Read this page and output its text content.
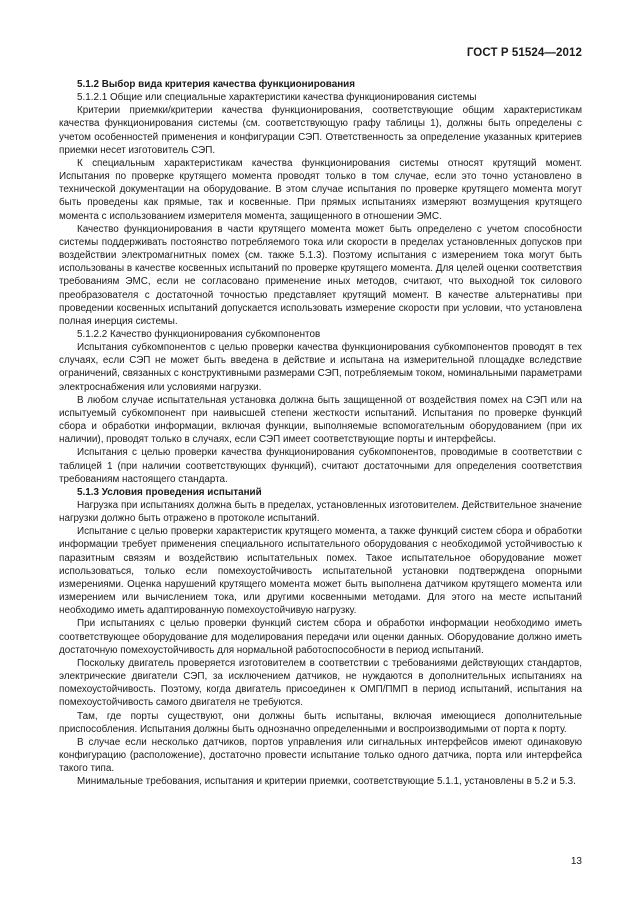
ГОСТ Р 51524—2012

5.1.2 Выбор вида критерия качества функционирования

5.1.2.1 Общие или специальные характеристики качества функционирования системы

Критерии приемки/критерии качества функционирования, соответствующие общим характеристикам качества функционирования системы (см. соответствующую графу таблицы 1), должны быть определены с учетом особенностей применения и конфигурации СЭП. Ответственность за определение указанных критериев приемки несет изготовитель СЭП.

К специальным характеристикам качества функционирования системы относят крутящий момент. Испытания по проверке крутящего момента проводят только в том случае, если это точно установлено в технической документации на оборудование. В этом случае испытания по проверке крутящего момента могут быть проведены как прямые, так и косвенные. При прямых испытаниях измеряют возмущения крутящего момента с использованием измерителя момента, защищенного в отношении ЭМС.

Качество функционирования в части крутящего момента может быть определено с учетом способности системы поддерживать постоянство потребляемого тока или скорости в пределах установленных допусков при воздействии электромагнитных помех (см. также 5.1.3). Поэтому испытания с измерением тока могут быть использованы в качестве косвенных испытаний по проверке крутящего момента. Для целей оценки соответствия требованиям ЭМС, если не согласовано применение иных методов, считают, что выходной ток силового преобразователя с достаточной точностью представляет крутящий момент. В качестве альтернативы при проведении косвенных испытаний допускается использовать измерение скорости при условии, что установлена полная инерция системы.

5.1.2.2 Качество функционирования субкомпонентов

Испытания субкомпонентов с целью проверки качества функционирования субкомпонентов проводят в тех случаях, если СЭП не может быть введена в действие и испытана на измерительной площадке вследствие ограничений, связанных с конструктивными размерами СЭП, потребляемым током, номинальными параметрами электроснабжения или условиями нагрузки.

В любом случае испытательная установка должна быть защищенной от воздействия помех на СЭП или на испытуемый субкомпонент при наивысшей степени жесткости испытаний. Испытания по проверке функций сбора и обработки информации, включая функции, выполняемые вспомогательным оборудованием (при их наличии), проводят только в случаях, если СЭП имеет соответствующие порты и интерфейсы.

Испытания с целью проверки качества функционирования субкомпонентов, проводимые в соответствии с таблицей 1 (при наличии соответствующих функций), считают достаточными для определения соответствия требованиям настоящего стандарта.

5.1.3 Условия проведения испытаний

Нагрузка при испытаниях должна быть в пределах, установленных изготовителем. Действительное значение нагрузки должно быть отражено в протоколе испытаний.

Испытание с целью проверки характеристик крутящего момента, а также функций систем сбора и обработки информации требует применения специального испытательного оборудования с необходимой устойчивостью к паразитным связям и воздействию испытательных помех. Такое испытательное оборудование может использоваться, только если помехоустойчивость испытательной установки подтверждена опорными измерениями. Оценка нарушений крутящего момента может быть выполнена датчиком крутящего момента или измерением или вычислением тока, или другими косвенными методами. Для этого на месте испытаний необходимо иметь адаптированную помехоустойчивую нагрузку.

При испытаниях с целью проверки функций систем сбора и обработки информации необходимо иметь соответствующее оборудование для моделирования передачи или оценки данных. Оборудование должно иметь достаточную помехоустойчивость для нормальной работоспособности в период испытаний.

Поскольку двигатель проверяется изготовителем в соответствии с требованиями действующих стандартов, электрические двигатели СЭП, за исключением датчиков, не нуждаются в дополнительных испытаниях на помехоустойчивость. Поэтому, когда двигатель присоединен к ОМП/ПМП в период испытаний, испытания на помехоустойчивость самого двигателя не требуются.

Там, где порты существуют, они должны быть испытаны, включая имеющиеся дополнительные приспособления. Испытания должны быть однозначно определенными и воспроизводимыми от порта к порту.

В случае если несколько датчиков, портов управления или сигнальных интерфейсов имеют одинаковую конфигурацию (расположение), достаточно провести испытание только одного датчика, порта или интерфейса такого типа.

Минимальные требования, испытания и критерии приемки, соответствующие 5.1.1, установлены в 5.2 и 5.3.

13
